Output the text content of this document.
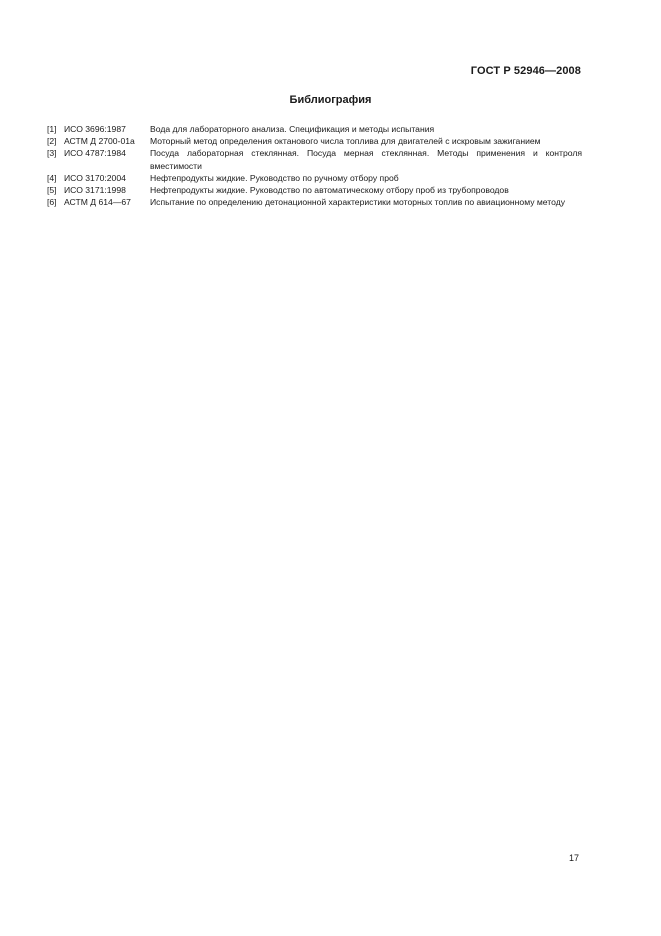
ГОСТ Р 52946—2008
Библиография
[1] ИСО 3696:1987	Вода для лабораторного анализа. Спецификация и методы испытания
[2] АСТМ Д 2700-01а	Моторный метод определения октанового числа топлива для двигателей с искровым зажиганием
[3] ИСО 4787:1984	Посуда лабораторная стеклянная. Посуда мерная стеклянная. Методы применения и контроля вместимости
[4] ИСО 3170:2004	Нефтепродукты жидкие. Руководство по ручному отбору проб
[5] ИСО 3171:1998	Нефтепродукты жидкие. Руководство по автоматическому отбору проб из трубопроводов
[6] АСТМ Д 614—67	Испытание по определению детонационной характеристики моторных топлив по авиационному методу
17
